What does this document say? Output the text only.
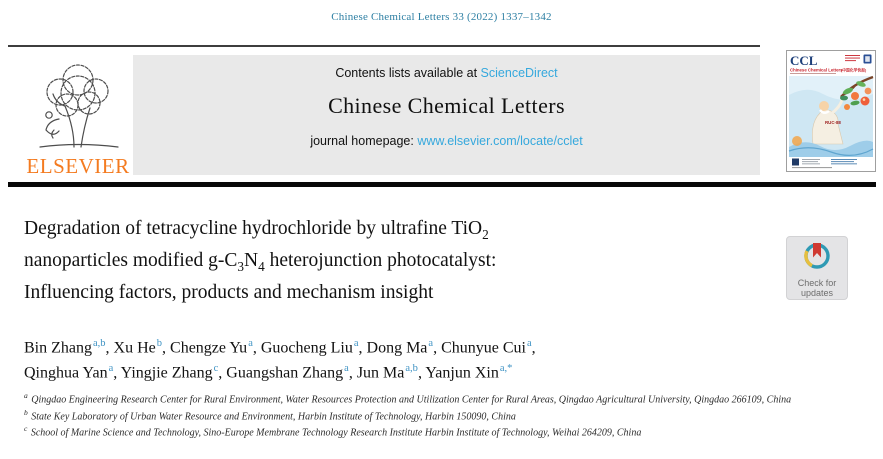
Chinese Chemical Letters 33 (2022) 1337–1342
ELSEVIER
Contents lists available at ScienceDirect
Chinese Chemical Letters
journal homepage: www.elsevier.com/locate/cclet
CCL
Chinese Chemical Letters
(中国化学快报)
RUC-88
Degradation of tetracycline hydrochloride by ultrafine TiO$_2$
nanoparticles modified $g-C_3N_4$ heterojunction photocatalyst:
Influencing factors, products and mechanism insight	Check for
updates
Bin Zhang$^{a,b}$, Xu He$^b$, Chengze Yu$^a$, Guocheng Liu$^a$, Dong Ma$^a$, Chunyue Cui$^a$,
Qinghua Yan$^a$, Yingjie Zhang$^c$, Guangshan Zhang$^a$, Jun Ma$^{a,b}$, Yanjun Xin$^{a,*}$
$^a$ Qingdao Engineering Research Center for Rural Environment, Water Resources Protection and Utilization Center for Rural Areas, Qingdao Agricultural University, Qingdao 266109, China
$^b$ State Key Laboratory of Urban Water Resource and Environment, Harbin Institute of Technology, Harbin 150090, China
$^c$ School of Marine Science and Technology, Sino-Europe Membrane Technology Research Institute Harbin Institute of Technology, Weihai 264209, China
